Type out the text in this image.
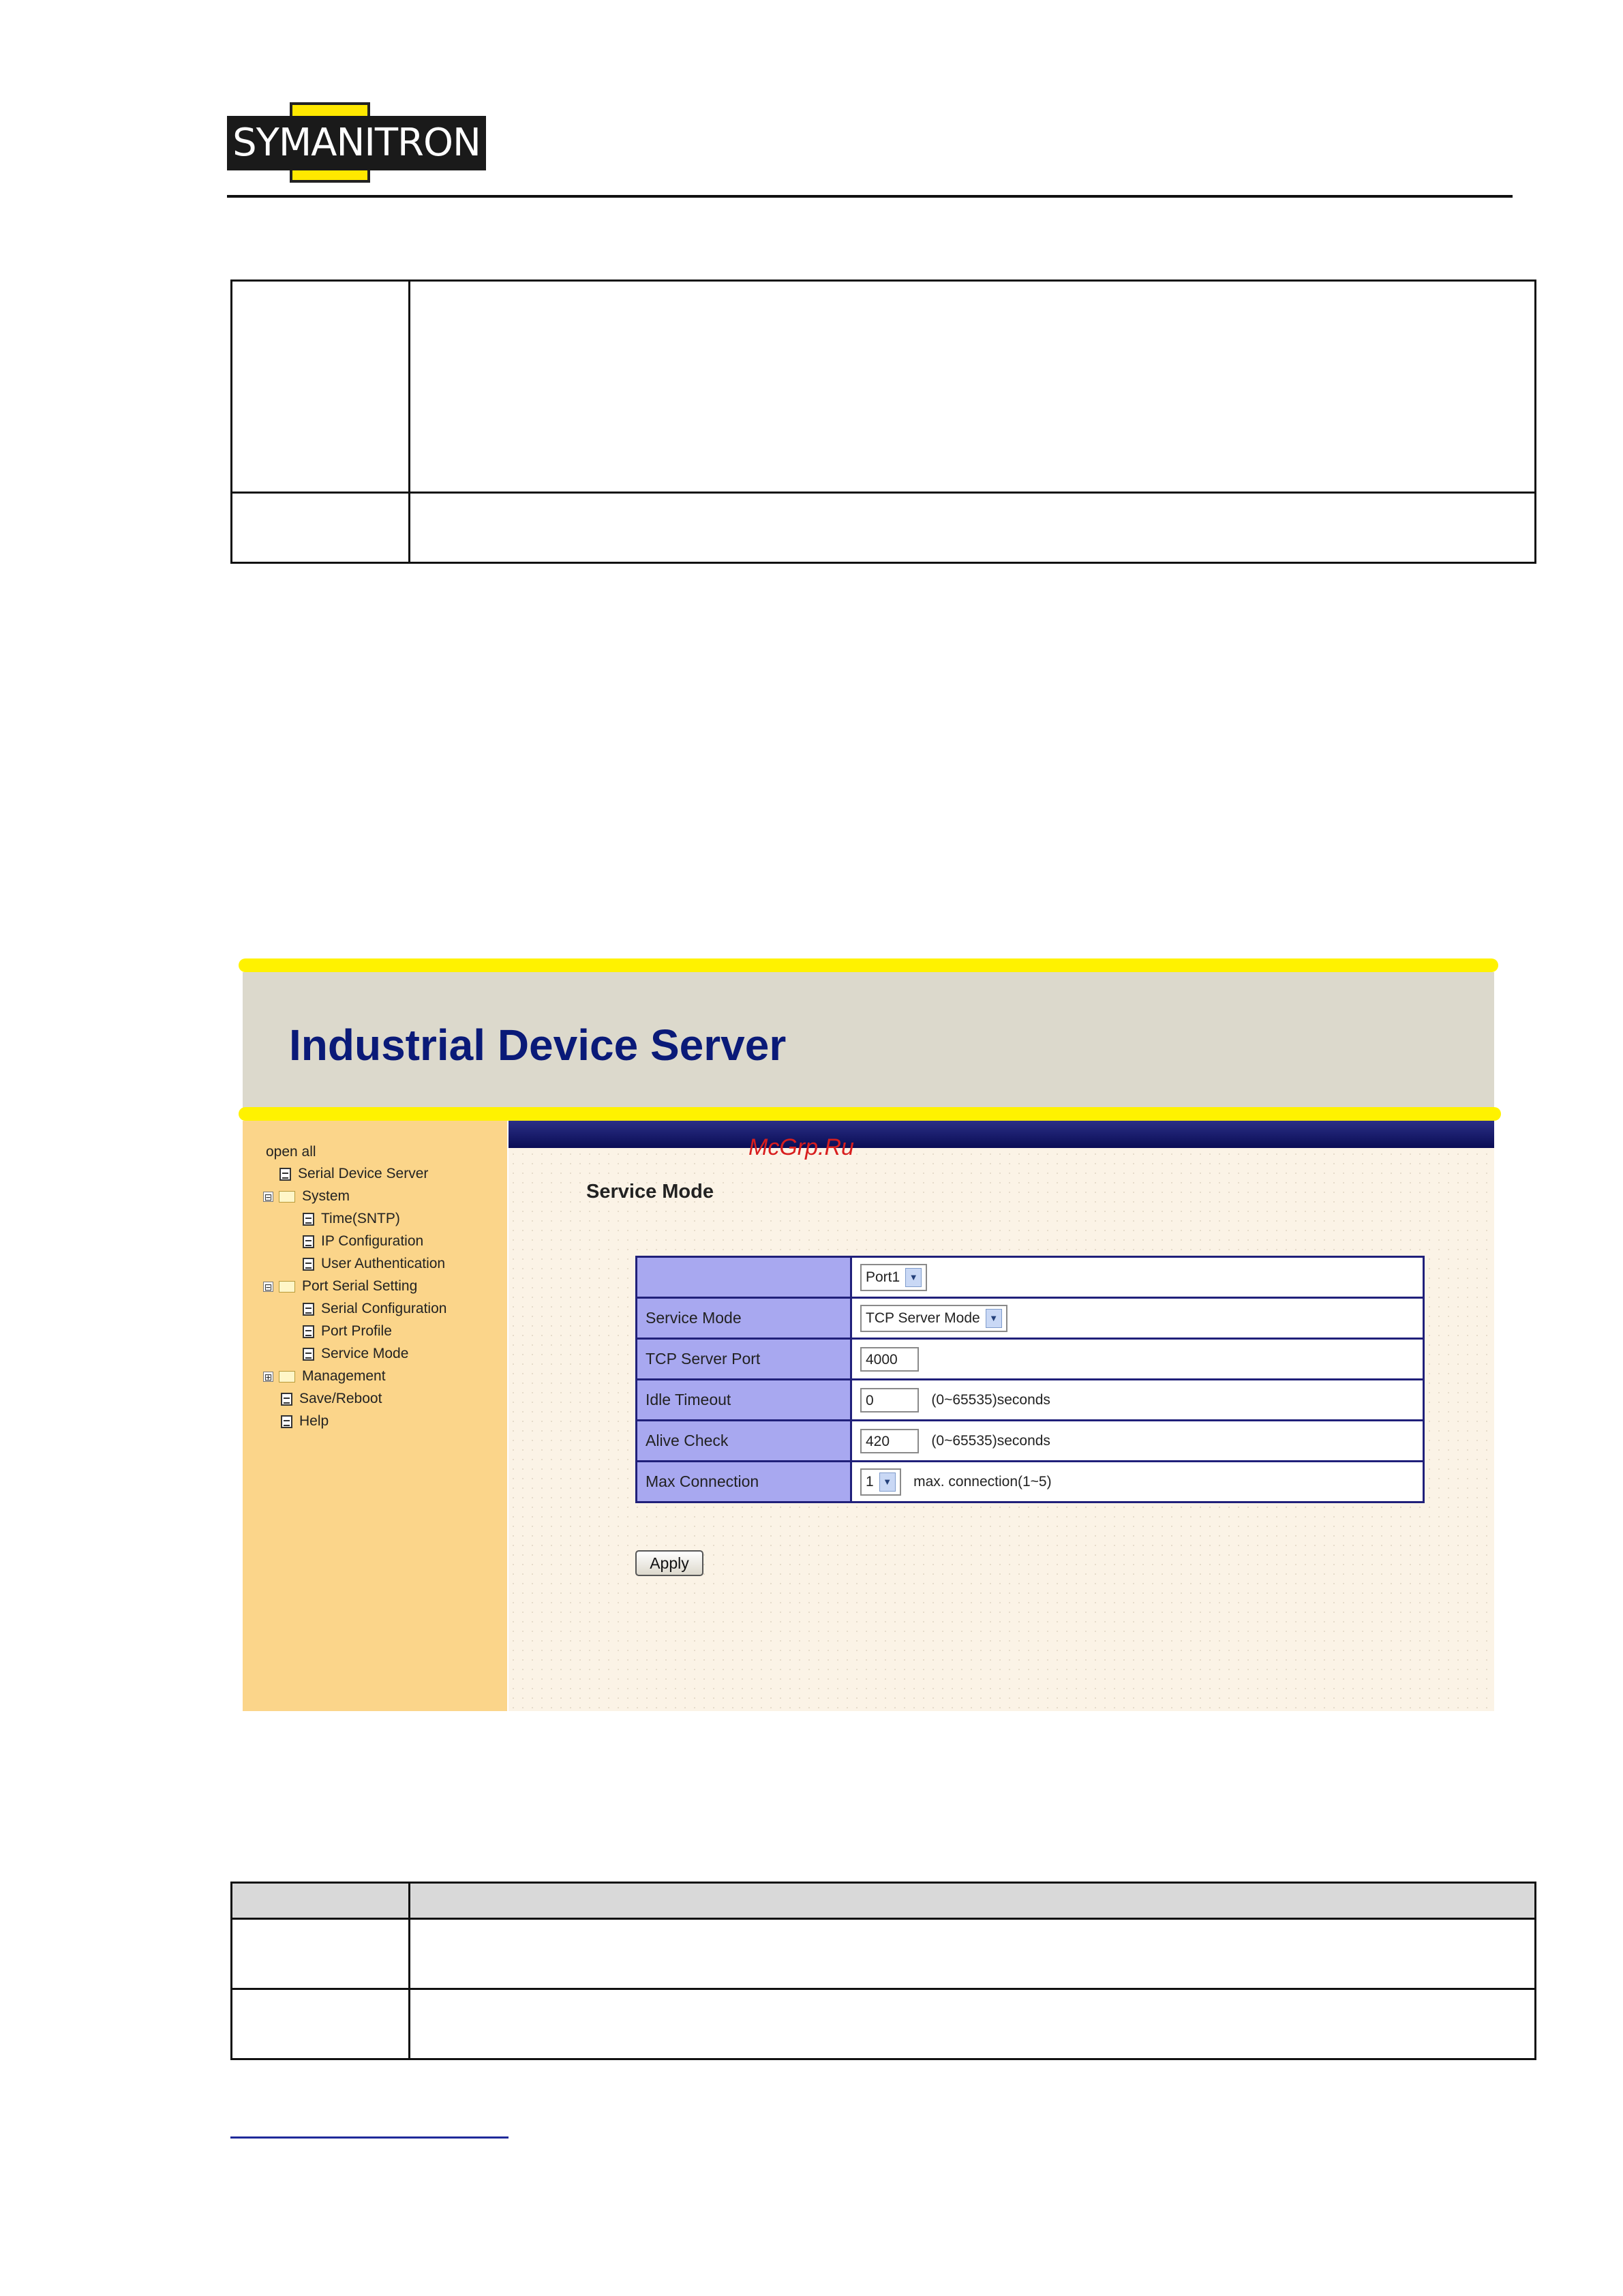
SYMANITRON

Industrial Device Server
open all
Serial Device Server
⊟ System
Time(SNTP)
IP Configuration
User Authentication
⊟ Port Serial Setting
Serial Configuration
Port Profile
Service Mode
⊞ Management
Save/Reboot
Help
McGrp.Ru
Service Mode

	Port1 ▼

Service Mode	TCP Server Mode ▼

TCP Server Port	4000
Idle Timeout	0 (0~65535)seconds
Alive Check	420 (0~65535)seconds
Max Connection	1 ▼ max. connection(1~5)
Apply
